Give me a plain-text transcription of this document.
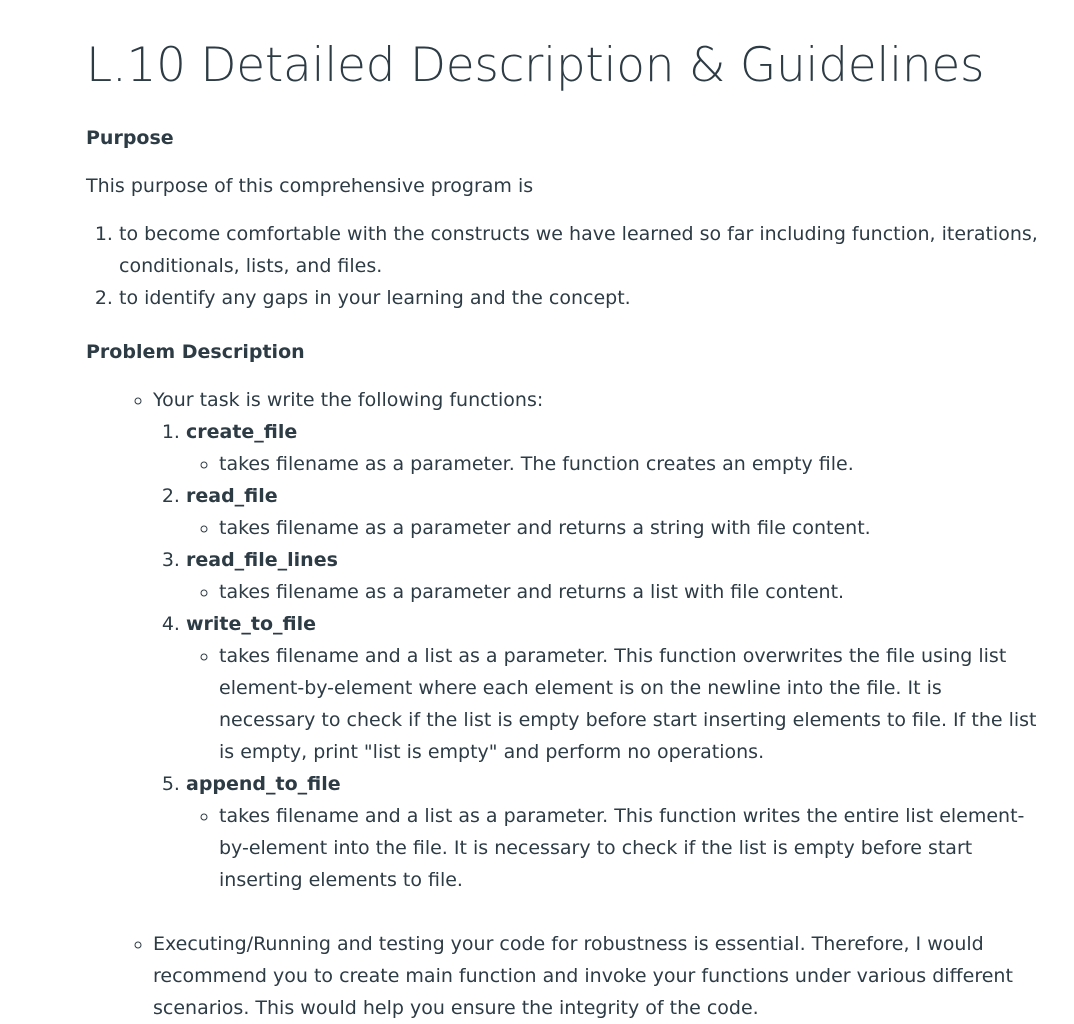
L.10 Detailed Description & Guidelines
Purpose

This purpose of this comprehensive program is

1. to become comfortable with the constructs we have learned so far including function, iterations, conditionals, lists, and files.
2. to identify any gaps in your learning and the concept.
Problem Description
◦ Your task is write the following functions:
1. create_file
◦ takes filename as a parameter. The function creates an empty file.
2. read_file
◦ takes filename as a parameter and returns a string with file content.
3. read_file_lines
◦ takes filename as a parameter and returns a list with file content.
4. write_to_file
◦ takes filename and a list as a parameter. This function overwrites the file using list element-by-element where each element is on the newline into the file. It is necessary to check if the list is empty before start inserting elements to file. If the list is empty, print "list is empty" and perform no operations.
5. append_to_file
◦ takes filename and a list as a parameter. This function writes the entire list element-by-element into the file. It is necessary to check if the list is empty before start inserting elements to file.
◦ Executing/Running and testing your code for robustness is essential. Therefore, I would recommend you to create main function and invoke your functions under various different scenarios. This would help you ensure the integrity of the code.
